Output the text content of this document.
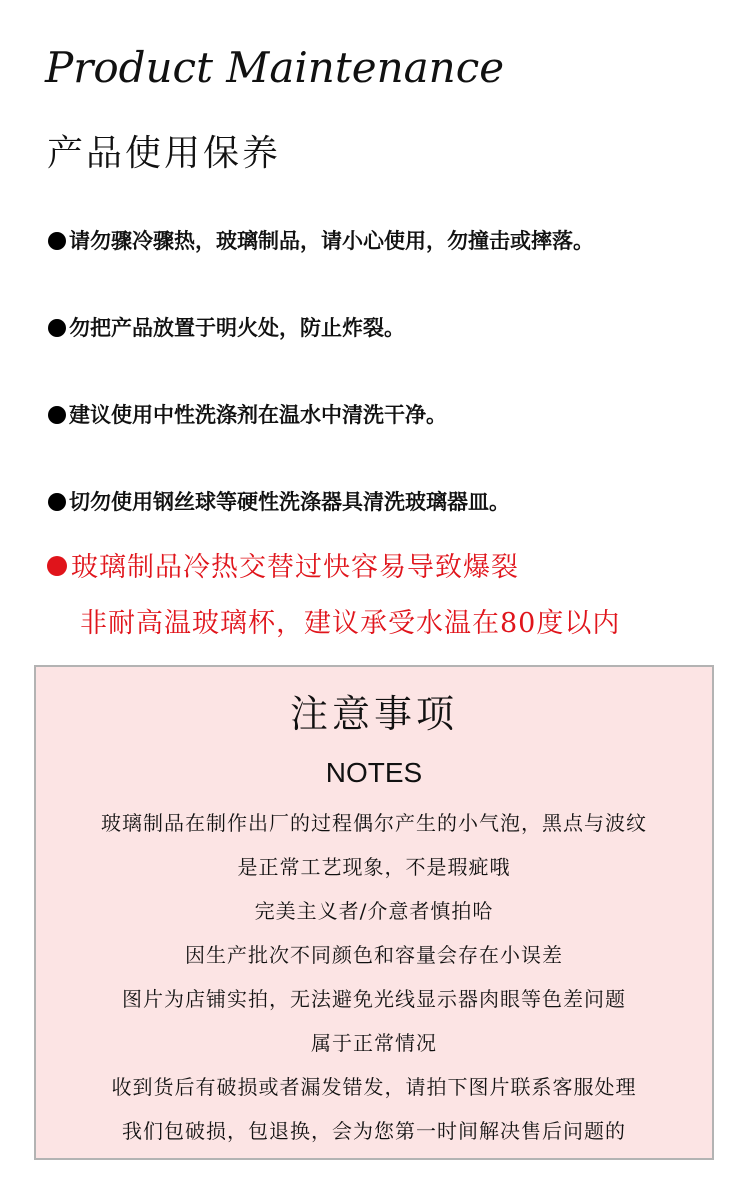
Product Maintenance
产品使用保养
请勿骤冷骤热，玻璃制品，请小心使用，勿撞击或摔落。
勿把产品放置于明火处，防止炸裂。
建议使用中性洗涤剂在温水中清洗干净。
切勿使用钢丝球等硬性洗涤器具清洗玻璃器皿。
玻璃制品冷热交替过快容易导致爆裂
非耐高温玻璃杯，建议承受水温在80度以内
注意事项
NOTES
玻璃制品在制作出厂的过程偶尔产生的小气泡，黑点与波纹
是正常工艺现象，不是瑕疵哦
完美主义者/介意者慎拍哈
因生产批次不同颜色和容量会存在小误差
图片为店铺实拍，无法避免光线显示器肉眼等色差问题
属于正常情况
收到货后有破损或者漏发错发，请拍下图片联系客服处理
我们包破损，包退换，会为您第一时间解决售后问题的
